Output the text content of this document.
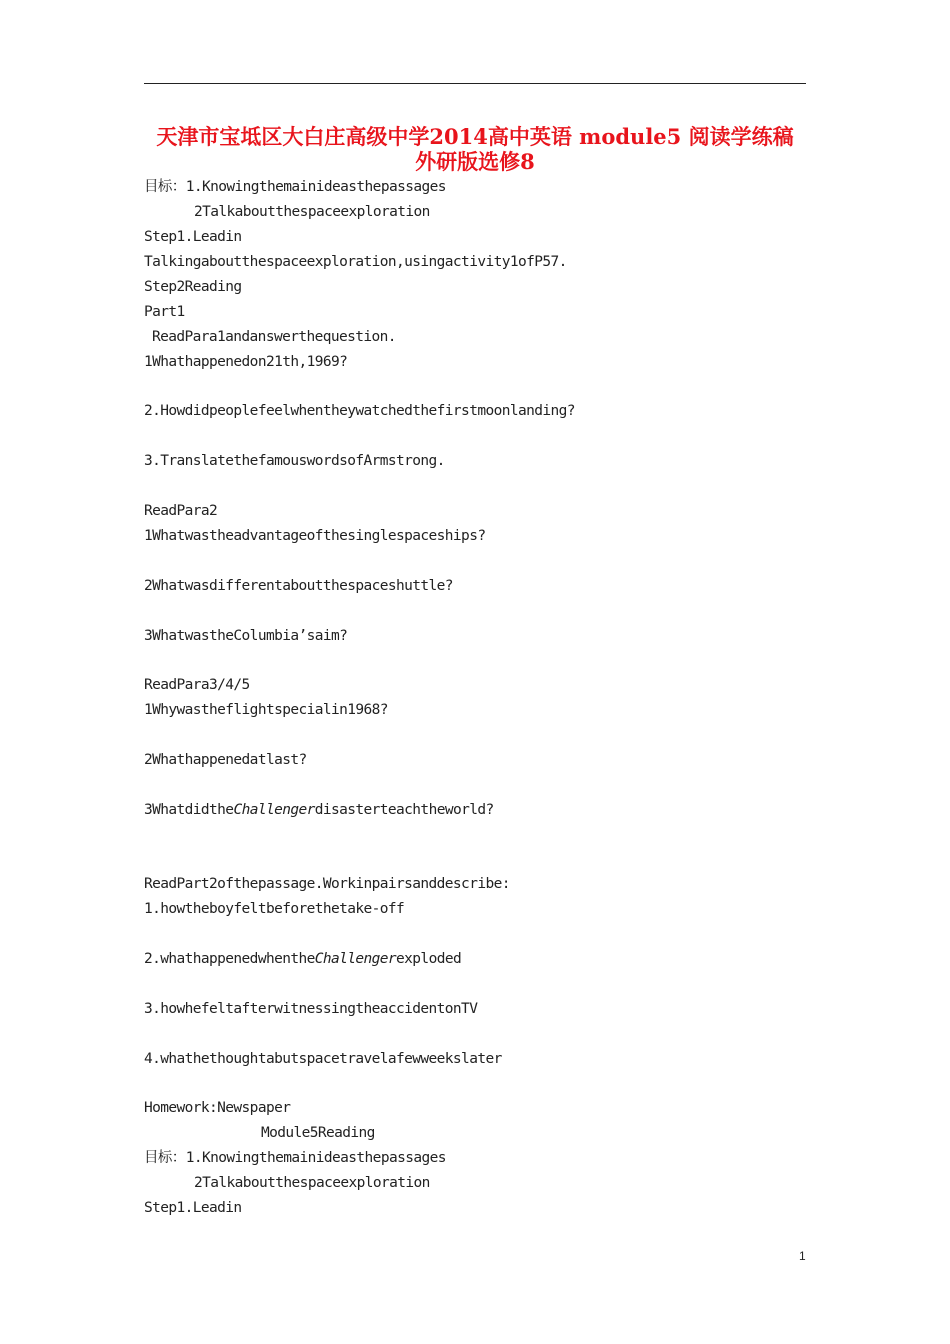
天津市宝坻区大白庄高级中学2014高中英语 module5 阅读学练稿
外研版选修8
目标：1.Knowingthemainideasthepassages
2Talkaboutthespaceexploration
Step1.Leadin
Talkingaboutthespaceexploration,usingactivity1ofP57.
Step2Reading
Part1
ReadPara1andanswerthequestion.
1Whathappenedon21th,1969?
2.Howdidpeoplefeelwhentheywatchedthefirstmoonlanding?
3.TranslatethefamouswordsofArmstrong.
ReadPara2
1Whatwastheadvantageofthesinglespaceships?
2Whatwasdifferentaboutthespaceshuttle?
3WhatwastheColumbia’saim?
ReadPara3/4/5
1Whywastheflightspecialin1968?
2Whathappenedatlast?
3WhatdidtheChallengerdisasterteachtheworld?
ReadPart2ofthepassage.Workinpairsanddescribe:
1.howtheboyfeltbeforethetake-off
2.whathappenedwhentheChallengerexploded
3.howhefeltafterwitnessingtheaccidentonTV
4.whathethoughtabutspacetravelafewweekslater
Homework:Newspaper
Module5Reading
目标：1.Knowingthemainideasthepassages
2Talkaboutthespaceexploration
Step1.Leadin
1
